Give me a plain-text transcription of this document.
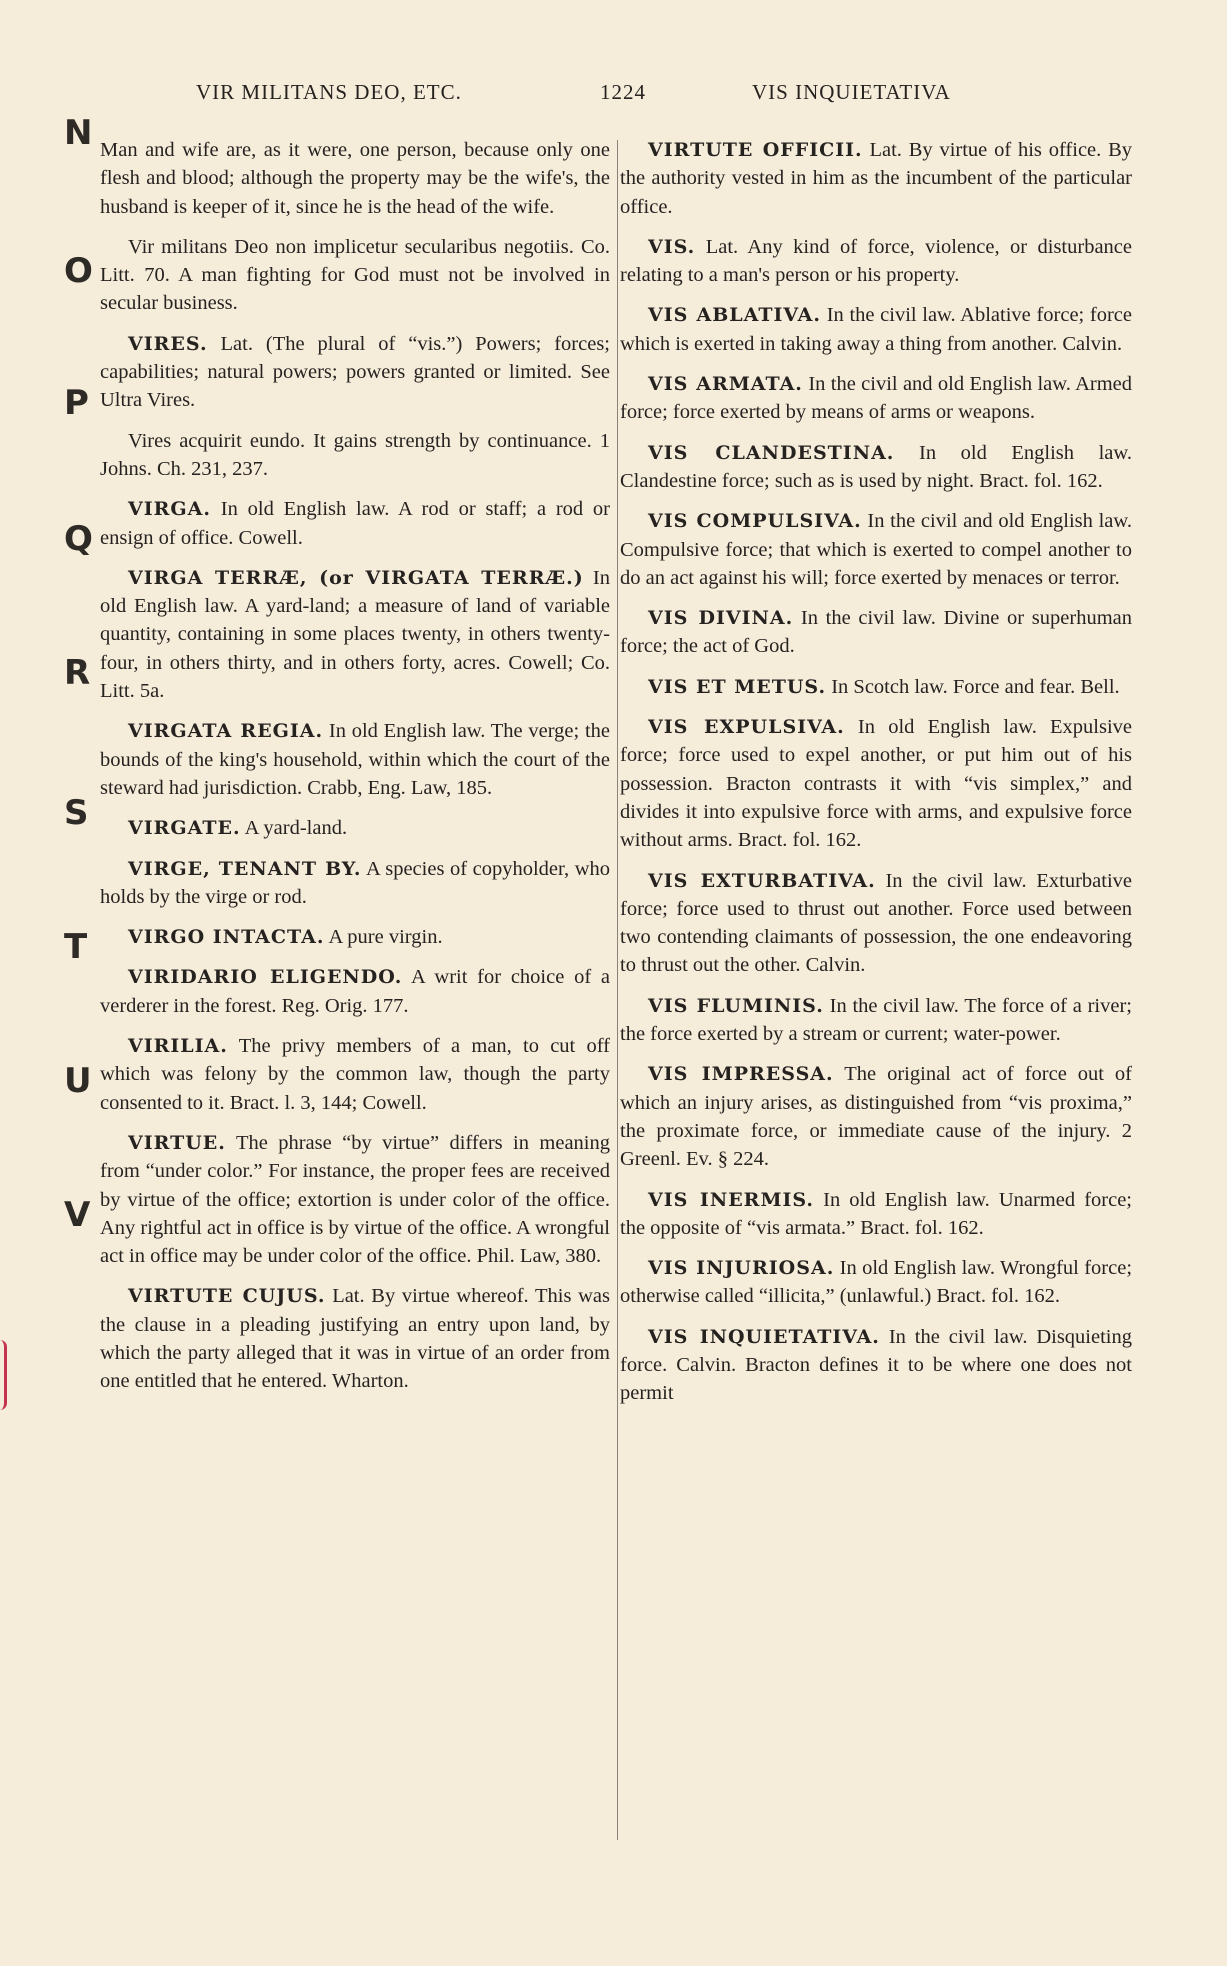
VIR MILITANS DEO, ETC.	1224	VIS INQUIETATIVA
N
O
P
Q
R
S
T
U
V

Man and wife are, as it were, one person, because only one flesh and blood; although the property may be the wife's, the husband is keeper of it, since he is the head of the wife.

Vir militans Deo non implicetur secularibus negotiis. Co. Litt. 70. A man fighting for God must not be involved in secular business.

VIRES. Lat. (The plural of “vis.”) Powers; forces; capabilities; natural powers; powers granted or limited. See Ultra Vires.

Vires acquirit eundo. It gains strength by continuance. 1 Johns. Ch. 231, 237.

VIRGA. In old English law. A rod or staff; a rod or ensign of office. Cowell.

VIRGA TERRÆ, (or VIRGATA TERRÆ.) In old English law. A yard-land; a measure of land of variable quantity, containing in some places twenty, in others twenty-four, in others thirty, and in others forty, acres. Cowell; Co. Litt. 5a.

VIRGATA REGIA. In old English law. The verge; the bounds of the king's household, within which the court of the steward had jurisdiction. Crabb, Eng. Law, 185.

VIRGATE. A yard-land.

VIRGE, TENANT BY. A species of copyholder, who holds by the virge or rod.

VIRGO INTACTA. A pure virgin.

VIRIDARIO ELIGENDO. A writ for choice of a verderer in the forest. Reg. Orig. 177.

VIRILIA. The privy members of a man, to cut off which was felony by the common law, though the party consented to it. Bract. l. 3, 144; Cowell.

VIRTUE. The phrase “by virtue” differs in meaning from “under color.” For instance, the proper fees are received by virtue of the office; extortion is under color of the office. Any rightful act in office is by virtue of the office. A wrongful act in office may be under color of the office. Phil. Law, 380.

VIRTUTE CUJUS. Lat. By virtue whereof. This was the clause in a pleading justifying an entry upon land, by which the party alleged that it was in virtue of an order from one entitled that he entered. Wharton.

VIRTUTE OFFICII. Lat. By virtue of his office. By the authority vested in him as the incumbent of the particular office.

VIS. Lat. Any kind of force, violence, or disturbance relating to a man's person or his property.

VIS ABLATIVA. In the civil law. Ablative force; force which is exerted in taking away a thing from another. Calvin.

VIS ARMATA. In the civil and old English law. Armed force; force exerted by means of arms or weapons.

VIS CLANDESTINA. In old English law. Clandestine force; such as is used by night. Bract. fol. 162.

VIS COMPULSIVA. In the civil and old English law. Compulsive force; that which is exerted to compel another to do an act against his will; force exerted by menaces or terror.

VIS DIVINA. In the civil law. Divine or superhuman force; the act of God.

VIS ET METUS. In Scotch law. Force and fear. Bell.

VIS EXPULSIVA. In old English law. Expulsive force; force used to expel another, or put him out of his possession. Bracton contrasts it with “vis simplex,” and divides it into expulsive force with arms, and expulsive force without arms. Bract. fol. 162.

VIS EXTURBATIVA. In the civil law. Exturbative force; force used to thrust out another. Force used between two contending claimants of possession, the one endeavoring to thrust out the other. Calvin.

VIS FLUMINIS. In the civil law. The force of a river; the force exerted by a stream or current; water-power.

VIS IMPRESSA. The original act of force out of which an injury arises, as distinguished from “vis proxima,” the proximate force, or immediate cause of the injury. 2 Greenl. Ev. § 224.

VIS INERMIS. In old English law. Unarmed force; the opposite of “vis armata.” Bract. fol. 162.

VIS INJURIOSA. In old English law. Wrongful force; otherwise called “illicita,” (unlawful.) Bract. fol. 162.

VIS INQUIETATIVA. In the civil law. Disquieting force. Calvin. Bracton defines it to be where one does not permit
